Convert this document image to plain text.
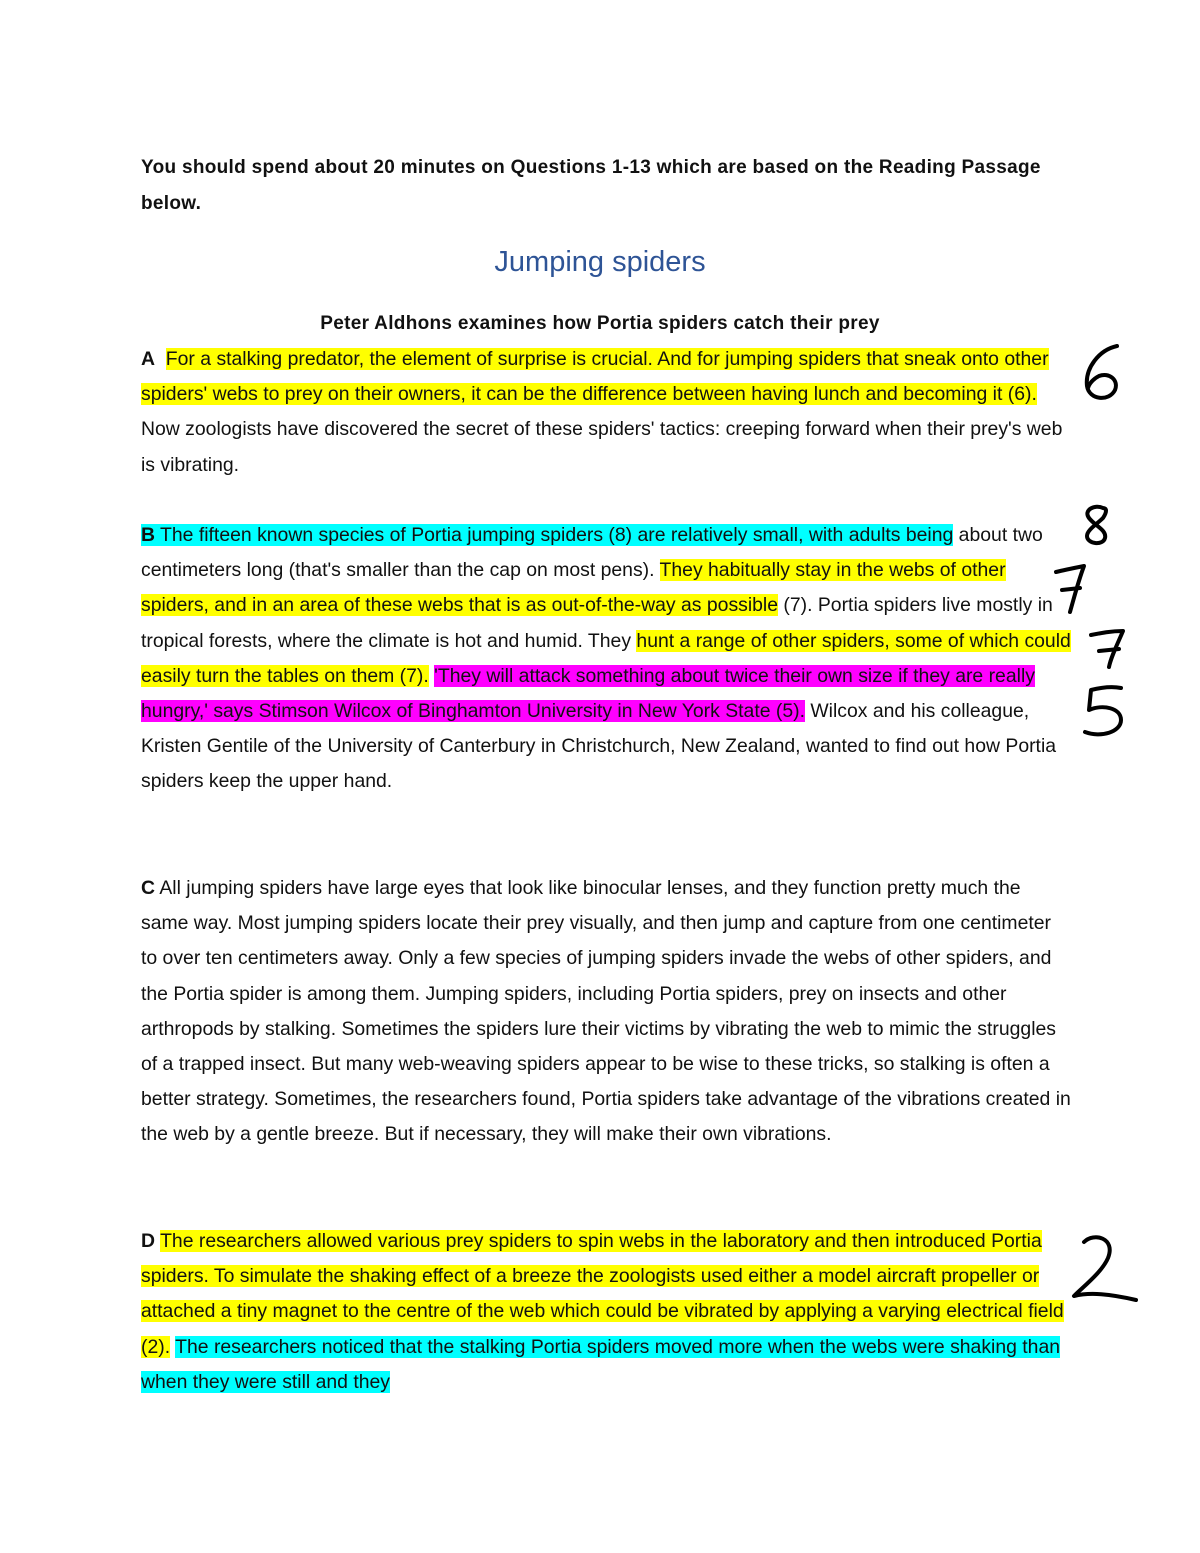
You should spend about 20 minutes on Questions 1-13 which are based on the Reading Passage below.

Jumping spiders

Peter Aldhons examines how Portia spiders catch their prey

A For a stalking predator, the element of surprise is crucial. And for jumping spiders that sneak onto other spiders' webs to prey on their owners, it can be the difference between having lunch and becoming it (6). Now zoologists have discovered the secret of these spiders' tactics: creeping forward when their prey's web is vibrating.

B The fifteen known species of Portia jumping spiders (8) are relatively small, with adults being about two centimeters long (that's smaller than the cap on most pens). They habitually stay in the webs of other spiders, and in an area of these webs that is as out-of-the-way as possible (7). Portia spiders live mostly in tropical forests, where the climate is hot and humid. They hunt a range of other spiders, some of which could easily turn the tables on them (7). 'They will attack something about twice their own size if they are really hungry,' says Stimson Wilcox of Binghamton University in New York State (5). Wilcox and his colleague, Kristen Gentile of the University of Canterbury in Christchurch, New Zealand, wanted to find out how Portia spiders keep the upper hand.

C All jumping spiders have large eyes that look like binocular lenses, and they function pretty much the same way. Most jumping spiders locate their prey visually, and then jump and capture from one centimeter to over ten centimeters away. Only a few species of jumping spiders invade the webs of other spiders, and the Portia spider is among them. Jumping spiders, including Portia spiders, prey on insects and other arthropods by stalking. Sometimes the spiders lure their victims by vibrating the web to mimic the struggles of a trapped insect. But many web-weaving spiders appear to be wise to these tricks, so stalking is often a better strategy. Sometimes, the researchers found, Portia spiders take advantage of the vibrations created in the web by a gentle breeze. But if necessary, they will make their own vibrations.

D The researchers allowed various prey spiders to spin webs in the laboratory and then introduced Portia spiders. To simulate the shaking effect of a breeze the zoologists used either a model aircraft propeller or attached a tiny magnet to the centre of the web which could be vibrated by applying a varying electrical field (2). The researchers noticed that the stalking Portia spiders moved more when the webs were shaking than when they were still and they
